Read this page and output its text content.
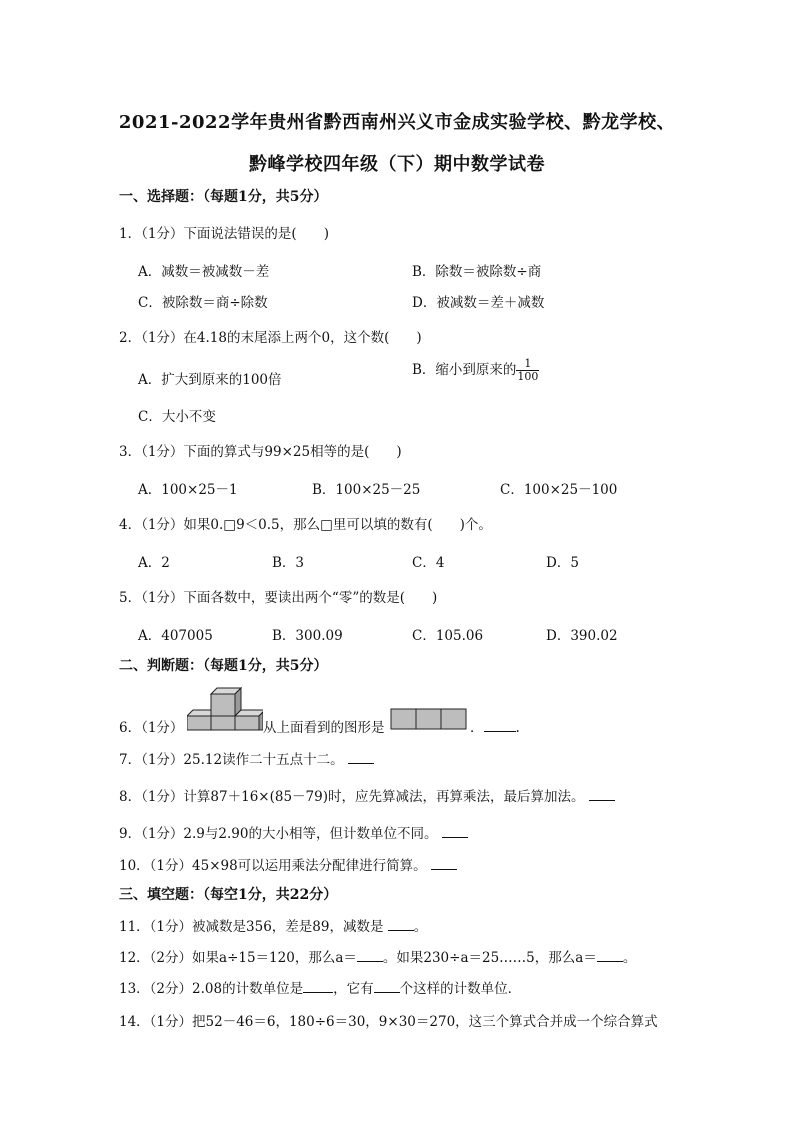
2021-2022学年贵州省黔西南州兴义市金成实验学校、黔龙学校、
黔峰学校四年级（下）期中数学试卷
一、选择题：（每题1分，共5分）
1．（1分）下面说法错误的是(　　)
A．减数＝被减数－差	B．除数＝被除数÷商
C．被除数＝商÷除数	D．被减数＝差＋减数
2．（1分）在4.18的末尾添上两个0，这个数(　　)
A．扩大到原来的100倍
B．缩小到原来的 $\frac{1}{100}$
C．大小不变
3．（1分）下面的算式与99×25相等的是(　　)
A．100×25－1	B．100×25－25	C．100×25－100
4．（1分）如果0.□9＜0.5，那么□里可以填的数有(　　)个。
A．2	B．3	C．4	D．5
5．（1分）下面各数中，要读出两个“零”的数是(　　)
A．407005	B．300.09	C．105.06	D．390.02
二、判断题：（每题1分，共5分）
6．（1分）	从上面看到的图形是	． .
7．（1分）25.12读作二十五点十二。
8．（1分）计算87＋16×(85－79)时，应先算减法，再算乘法，最后算加法。
9．（1分）2.9与2.90的大小相等，但计数单位不同。
10．（1分）45×98可以运用乘法分配律进行简算。
三、填空题：（每空1分，共22分）
11．（1分）被减数是356，差是89，减数是 。
12．（2分）如果a÷15＝120，那么a＝ 。如果230÷a＝25……5，那么a＝ 。
13．（2分）2.08的计数单位是 ，它有 个这样的计数单位．
14．（1分）把52－46＝6，180÷6＝30，9×30＝270，这三个算式合并成一个综合算式
